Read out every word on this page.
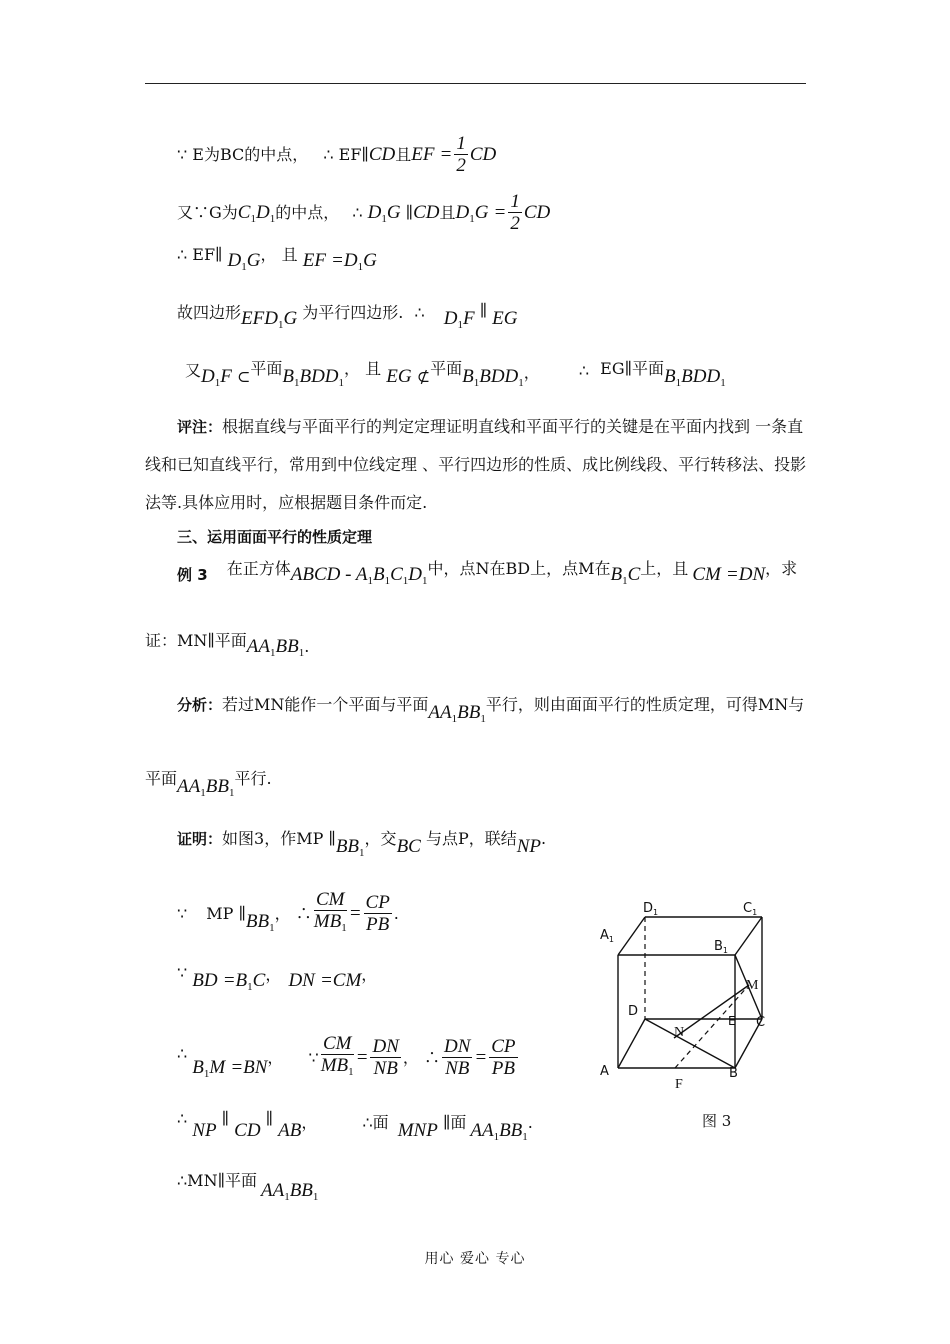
∵ E为BC的中点， ∴ EF∥CD且EF = $\frac{1}{2}$ CD
又∵G为$C_1D_1$的中点， ∴ $D_1G$ ∥CD且$D_1G = \frac{1}{2}$ CD
∴ EF∥ $D_1G$， 且 EF $=D_1G$
故四边形$EFD_1G$ 为平行四边形. ∴ $D_1F$ ∥ EG
又$D_1F$ ⊂平面$B_1BDD_1$， 且 EG ⊄平面$B_1BDD_1$， ∴ EG∥平面$B_1BDD_1$
评注：根据直线与平面平行的判定定理证明直线和平面平行的关键是在平面内找到 一条直线和已知直线平行，常用到中位线定理 、平行四边形的性质、成比例线段、平行转移法、投影法等.具体应用时，应根据题目条件而定.
三、运用面面平行的性质定理
例 3 在正方体ABCD - $A_1B_1C_1D_1$中，点N在BD上，点M在$B_1C$上，且 CM =DN，求
证：MN∥平面$AA_1BB_1$.
分析：若过MN能作一个平面与平面$AA_1BB_1$平行，则由面面平行的性质定理，可得MN与
平面$AA_1BB_1$平行.
证明：如图3，作MP $\parallel BB_1$，交BC 与点P，联结NP.
∵ MP $\parallel BB_1$， ∴ $\frac{CM}{MB_1} = \frac{CP}{PB}$ .
∵ BD $=B_1C$， DN =CM，
∴ $B_1M =BN$， ∵ $\frac{CM}{MB_1} = \frac{DN}{NB}$ ， ∴ $\frac{DN}{NB} = \frac{CP}{PB}$
∴ NP ∥ CD ∥ AB，	∴面 MNP ∥面 $AA_1BB_1$.
∴MN∥平面 $AA_1BB_1$
$D_1$	$C_1$
$A_1$	$B_1$
D
C
A	B
E
M
N
F
图 3
用心 爱心 专心
